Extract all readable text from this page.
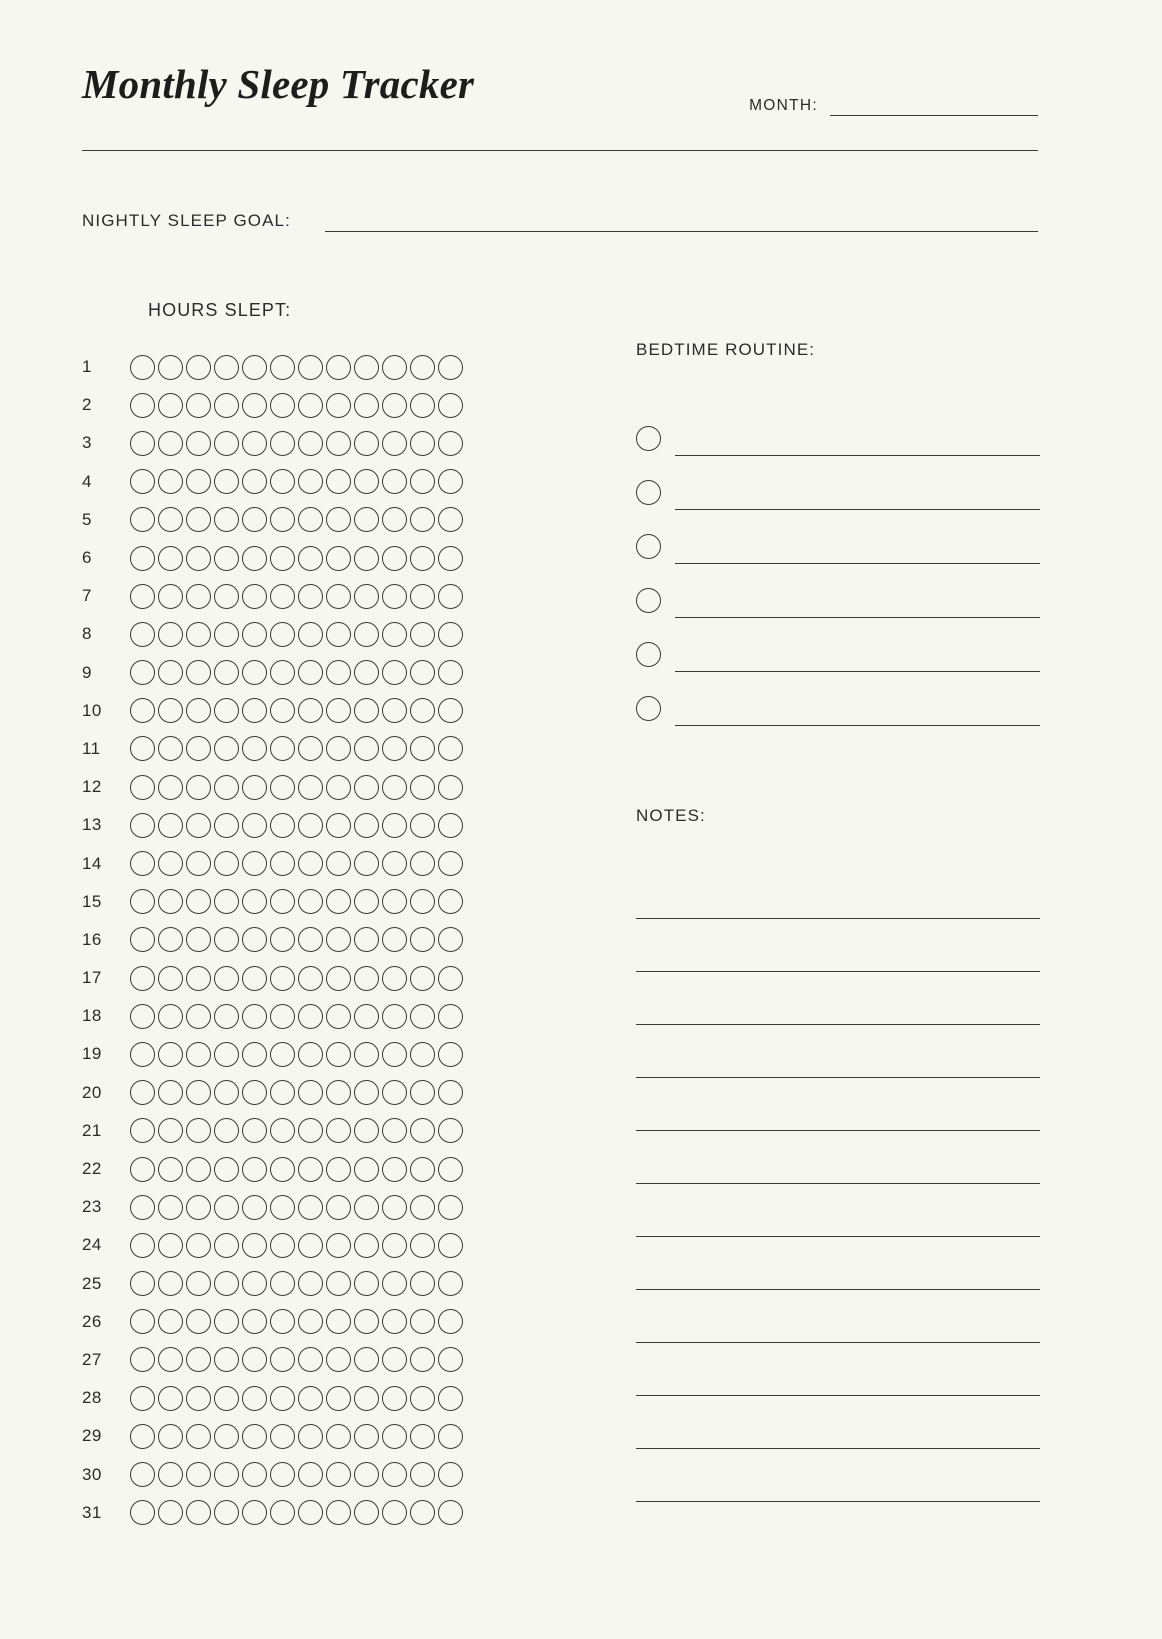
Monthly Sleep Tracker	MONTH:
NIGHTLY SLEEP GOAL:
HOURS SLEPT:
1
2
3
4
5
6
7
8
9
10
11
12
13
14
15
16
17
18
19
20
21
22
23
24
25
26
27
28
29
30
31
BEDTIME ROUTINE:
NOTES:
